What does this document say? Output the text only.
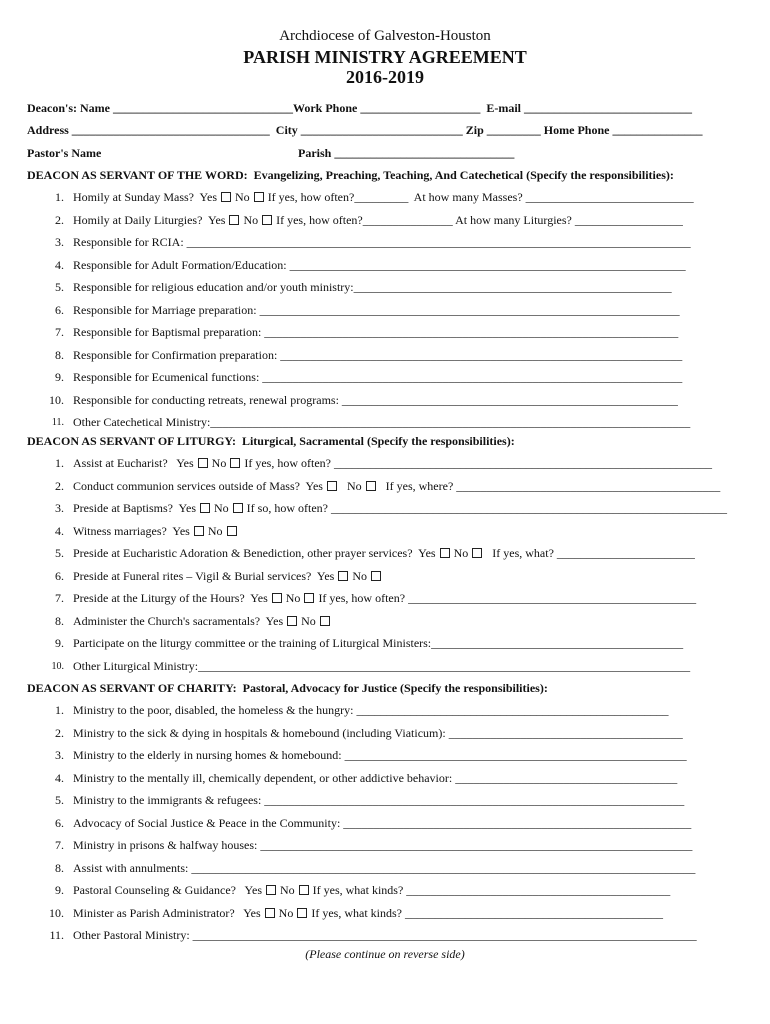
Archdiocese of Galveston-Houston
PARISH MINISTRY AGREEMENT
2016-2019
Deacon's: Name ______________________________Work Phone ____________________  E-mail ____________________________
Address _________________________________  City ___________________________ Zip _________ Home Phone _______________
Pastor's Name	Parish ______________________________
DEACON AS SERVANT OF THE WORD:  Evangelizing, Preaching, Teaching, And Catechetical (Specify the responsibilities):
1. Homily at Sunday Mass?  Yes  No  If yes, how often?_________  At how many Masses? ____________________________
2. Homily at Daily Liturgies?  Yes  No  If yes, how often?_______________ At how many Liturgies? __________________
3. Responsible for RCIA: ____________________________________________________________________________________
4. Responsible for Adult Formation/Education: __________________________________________________________________
5. Responsible for religious education and/or youth ministry:_____________________________________________________
6. Responsible for Marriage preparation: ______________________________________________________________________
7. Responsible for Baptismal preparation: _____________________________________________________________________
8. Responsible for Confirmation preparation: ___________________________________________________________________
9. Responsible for Ecumenical functions: ______________________________________________________________________
10. Responsible for conducting retreats, renewal programs: ________________________________________________________
11. Other Catechetical Ministry:________________________________________________________________________________
DEACON AS SERVANT OF LITURGY:  Liturgical, Sacramental (Specify the responsibilities):
1. Assist at Eucharist?   Yes  No  If yes, how often? _______________________________________________________________
2. Conduct communion services outside of Mass?  Yes    No    If yes, where? ____________________________________________
3. Preside at Baptisms?  Yes  No  If so, how often? __________________________________________________________________
4. Witness marriages?  Yes  No
5. Preside at Eucharistic Adoration & Benediction, other prayer services?  Yes  No    If yes, what? _______________________
6. Preside at Funeral rites – Vigil & Burial services?  Yes  No
7. Preside at the Liturgy of the Hours?  Yes  No  If yes, how often? ________________________________________________
8. Administer the Church's sacramentals?  Yes  No
9. Participate on the liturgy committee or the training of Liturgical Ministers:__________________________________________
10. Other Liturgical Ministry:__________________________________________________________________________________
DEACON AS SERVANT OF CHARITY:  Pastoral, Advocacy for Justice (Specify the responsibilities):
1. Ministry to the poor, disabled, the homeless & the hungry: ____________________________________________________
2. Ministry to the sick & dying in hospitals & homebound (including Viaticum): _______________________________________
3. Ministry to the elderly in nursing homes & homebound: _________________________________________________________
4. Ministry to the mentally ill, chemically dependent, or other addictive behavior: _____________________________________
5. Ministry to the immigrants & refugees: ______________________________________________________________________
6. Advocacy of Social Justice & Peace in the Community: __________________________________________________________
7. Ministry in prisons & halfway houses: ________________________________________________________________________
8. Assist with annulments: ____________________________________________________________________________________
9. Pastoral Counseling & Guidance?   Yes  No  If yes, what kinds? ____________________________________________
10. Minister as Parish Administrator?   Yes  No  If yes, what kinds? ___________________________________________
11. Other Pastoral Ministry: ____________________________________________________________________________________
(Please continue on reverse side)
